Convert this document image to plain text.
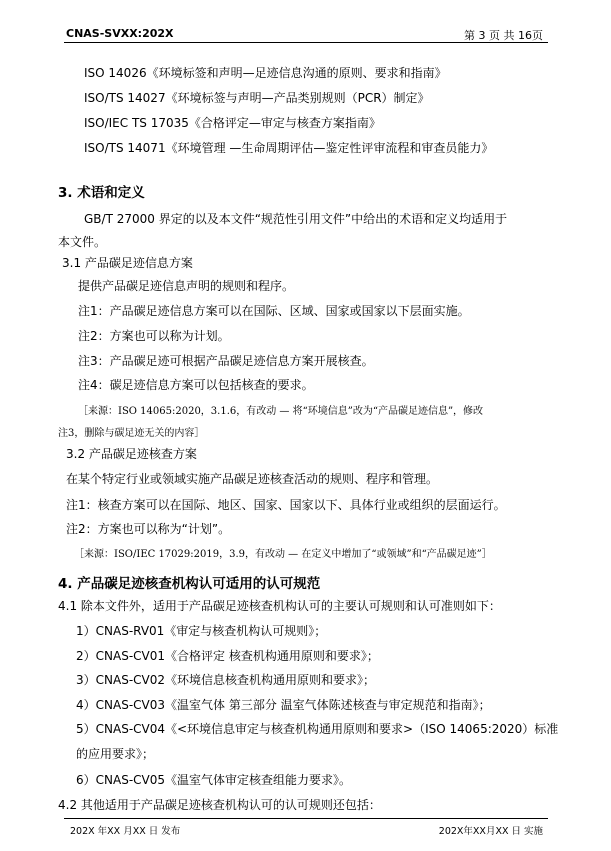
CNAS-SVXX:202X	第 3 页 共 16页
ISO 14026《环境标签和声明—足迹信息沟通的原则、要求和指南》
ISO/TS 14027《环境标签与声明—产品类别规则（PCR）制定》
ISO/IEC TS 17035《合格评定—审定与核查方案指南》
ISO/TS 14071《环境管理 —生命周期评估—鉴定性评审流程和审查员能力》
3. 术语和定义
GB/T 27000 界定的以及本文件“规范性引用文件”中给出的术语和定义均适用于
本文件。
3.1 产品碳足迹信息方案
提供产品碳足迹信息声明的规则和程序。
注1：产品碳足迹信息方案可以在国际、区域、国家或国家以下层面实施。
注2：方案也可以称为计划。
注3：产品碳足迹可根据产品碳足迹信息方案开展核查。
注4：碳足迹信息方案可以包括核查的要求。
［来源：ISO 14065:2020，3.1.6，有改动 — 将“环境信息”改为“产品碳足迹信息”，修改
注3，删除与碳足迹无关的内容］
3.2 产品碳足迹核查方案
在某个特定行业或领域实施产品碳足迹核查活动的规则、程序和管理。
注1：核查方案可以在国际、地区、国家、国家以下、具体行业或组织的层面运行。
注2：方案也可以称为“计划”。
［来源：ISO/IEC 17029:2019，3.9，有改动 — 在定义中增加了“或领域”和“产品碳足迹”］
4. 产品碳足迹核查机构认可适用的认可规范
4.1 除本文件外，适用于产品碳足迹核查机构认可的主要认可规则和认可准则如下：
1）CNAS-RV01《审定与核查机构认可规则》；
2）CNAS-CV01《合格评定 核查机构通用原则和要求》；
3）CNAS-CV02《环境信息核查机构通用原则和要求》；
4）CNAS-CV03《温室气体 第三部分 温室气体陈述核查与审定规范和指南》；
5）CNAS-CV04《<环境信息审定与核查机构通用原则和要求>（ISO 14065:2020）标准
的应用要求》；
6）CNAS-CV05《温室气体审定核查组能力要求》。
4.2 其他适用于产品碳足迹核查机构认可的认可规则还包括：
202X 年XX 月XX 日 发布	202X年XX月XX 日 实施
